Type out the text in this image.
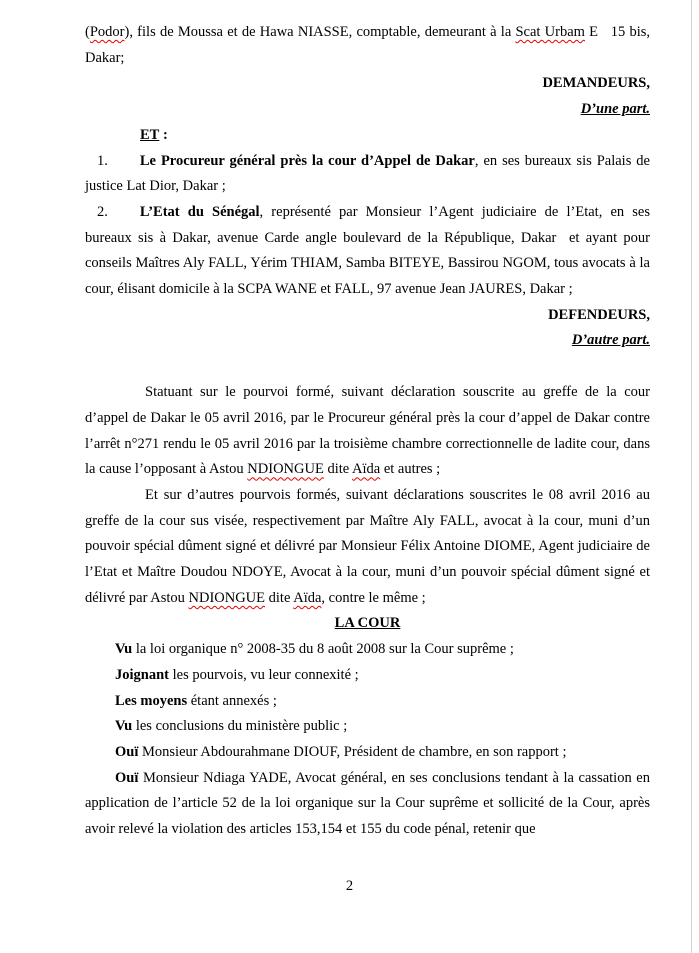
(Podor), fils de Moussa et de Hawa NIASSE, comptable, demeurant à la Scat Urbam E   15 bis, Dakar;

DEMANDEURS,

D’une part.

ET :

1. Le Procureur général près la cour d’Appel de Dakar, en ses bureaux sis Palais de justice Lat Dior, Dakar ;

2. L’Etat du Sénégal, représenté par Monsieur l’Agent judiciaire de l’Etat, en ses bureaux sis à Dakar, avenue Carde angle boulevard de la République, Dakar  et ayant pour conseils Maîtres Aly FALL, Yérim THIAM, Samba BITEYE, Bassirou NGOM, tous avocats à la cour, élisant domicile à la SCPA WANE et FALL, 97 avenue Jean JAURES, Dakar ;

DEFENDEURS,

D’autre part.

Statuant sur le pourvoi formé, suivant déclaration souscrite au greffe de la cour d’appel de Dakar le 05 avril 2016, par le Procureur général près la cour d’appel de Dakar contre l’arrêt n°271 rendu le 05 avril 2016 par la troisième chambre correctionnelle de ladite cour, dans la cause l’opposant à Astou NDIONGUE dite Aïda et autres ;

Et sur d’autres pourvois formés, suivant déclarations souscrites le 08 avril 2016 au greffe de la cour sus visée, respectivement par Maître Aly FALL, avocat à la cour, muni d’un pouvoir spécial dûment signé et délivré par Monsieur Félix Antoine DIOME, Agent judiciaire de l’Etat et Maître Doudou NDOYE, Avocat à la cour, muni d’un pouvoir spécial dûment signé et délivré par Astou NDIONGUE dite Aïda, contre le même ;

LA COUR

Vu la loi organique n° 2008-35 du 8 août 2008 sur la Cour suprême ;

Joignant les pourvois, vu leur connexité ;

Les moyens étant annexés ;

Vu les conclusions du ministère public ;

Ouï Monsieur Abdourahmane DIOUF, Président de chambre, en son rapport ;

Ouï Monsieur Ndiaga YADE, Avocat général, en ses conclusions tendant à la cassation en application de l’article 52 de la loi organique sur la Cour suprême et sollicité de la Cour, après avoir relevé la violation des articles 153,154 et 155 du code pénal, retenir que

2
